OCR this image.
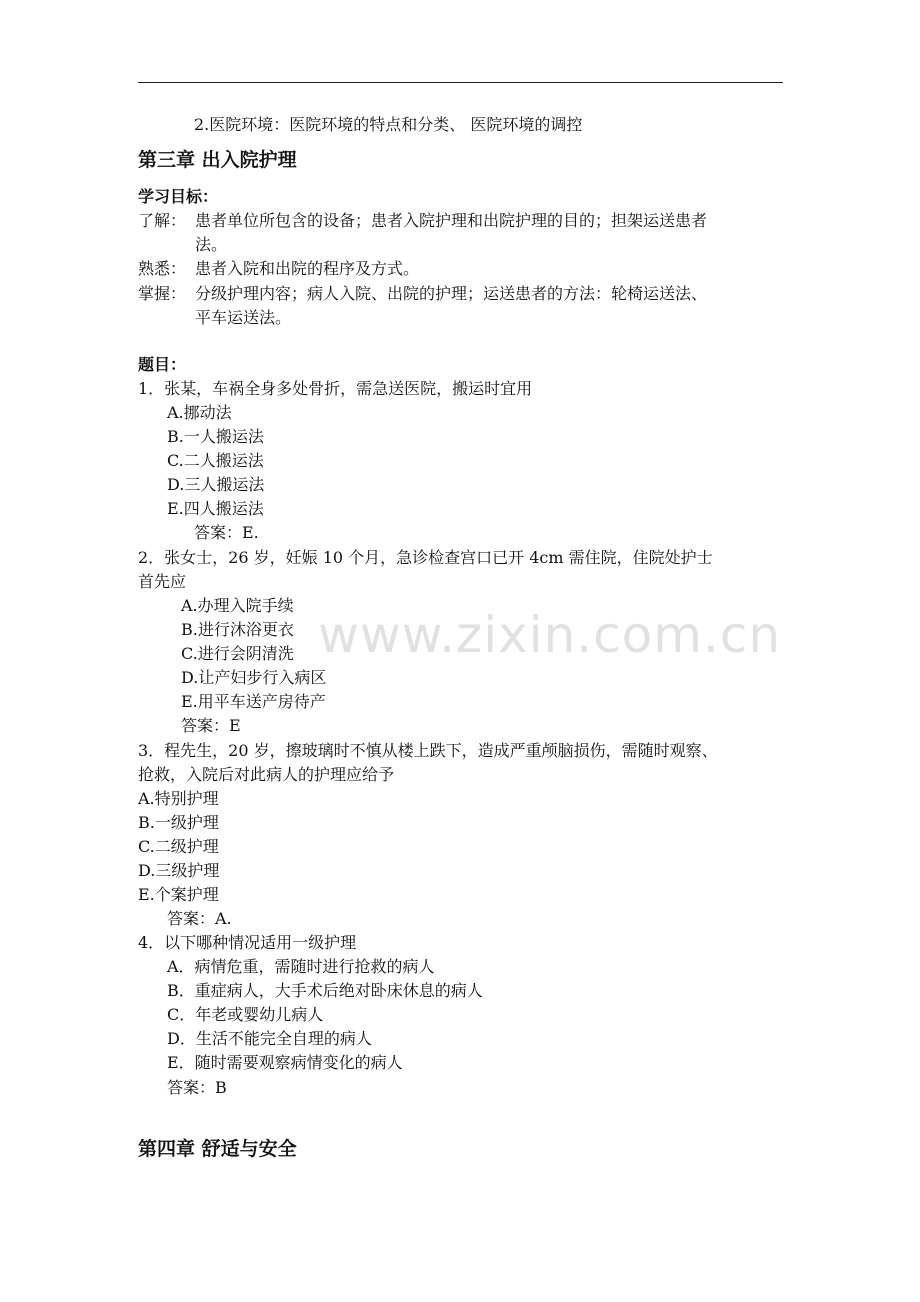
2.医院环境：医院环境的特点和分类、 医院环境的调控
第三章 出入院护理
学习目标：
了解： 患者单位所包含的设备；患者入院护理和出院护理的目的；担架运送患者
法。
熟悉： 患者入院和出院的程序及方式。
掌握： 分级护理内容；病人入院、出院的护理；运送患者的方法：轮椅运送法、
平车运送法。
题目：
1．张某，车祸全身多处骨折，需急送医院，搬运时宜用
A.挪动法
B.一人搬运法
C.二人搬运法
D.三人搬运法
E.四人搬运法
答案：E.
2．张女士，26 岁，妊娠 10 个月，急诊检查宫口已开 4cm 需住院，住院处护士
首先应
A.办理入院手续
B.进行沐浴更衣
C.进行会阴清洗
D.让产妇步行入病区
E.用平车送产房待产
答案：E
3．程先生，20 岁，擦玻璃时不慎从楼上跌下，造成严重颅脑损伤，需随时观察、
抢救，入院后对此病人的护理应给予
A.特别护理
B.一级护理
C.二级护理
D.三级护理
E.个案护理
答案：A.
4．以下哪种情况适用一级护理
A．病情危重，需随时进行抢救的病人
B．重症病人，大手术后绝对卧床休息的病人
C．年老或婴幼儿病人
D．生活不能完全自理的病人
E．随时需要观察病情变化的病人
答案：B
第四章 舒适与安全
www.zixin.com.cn
